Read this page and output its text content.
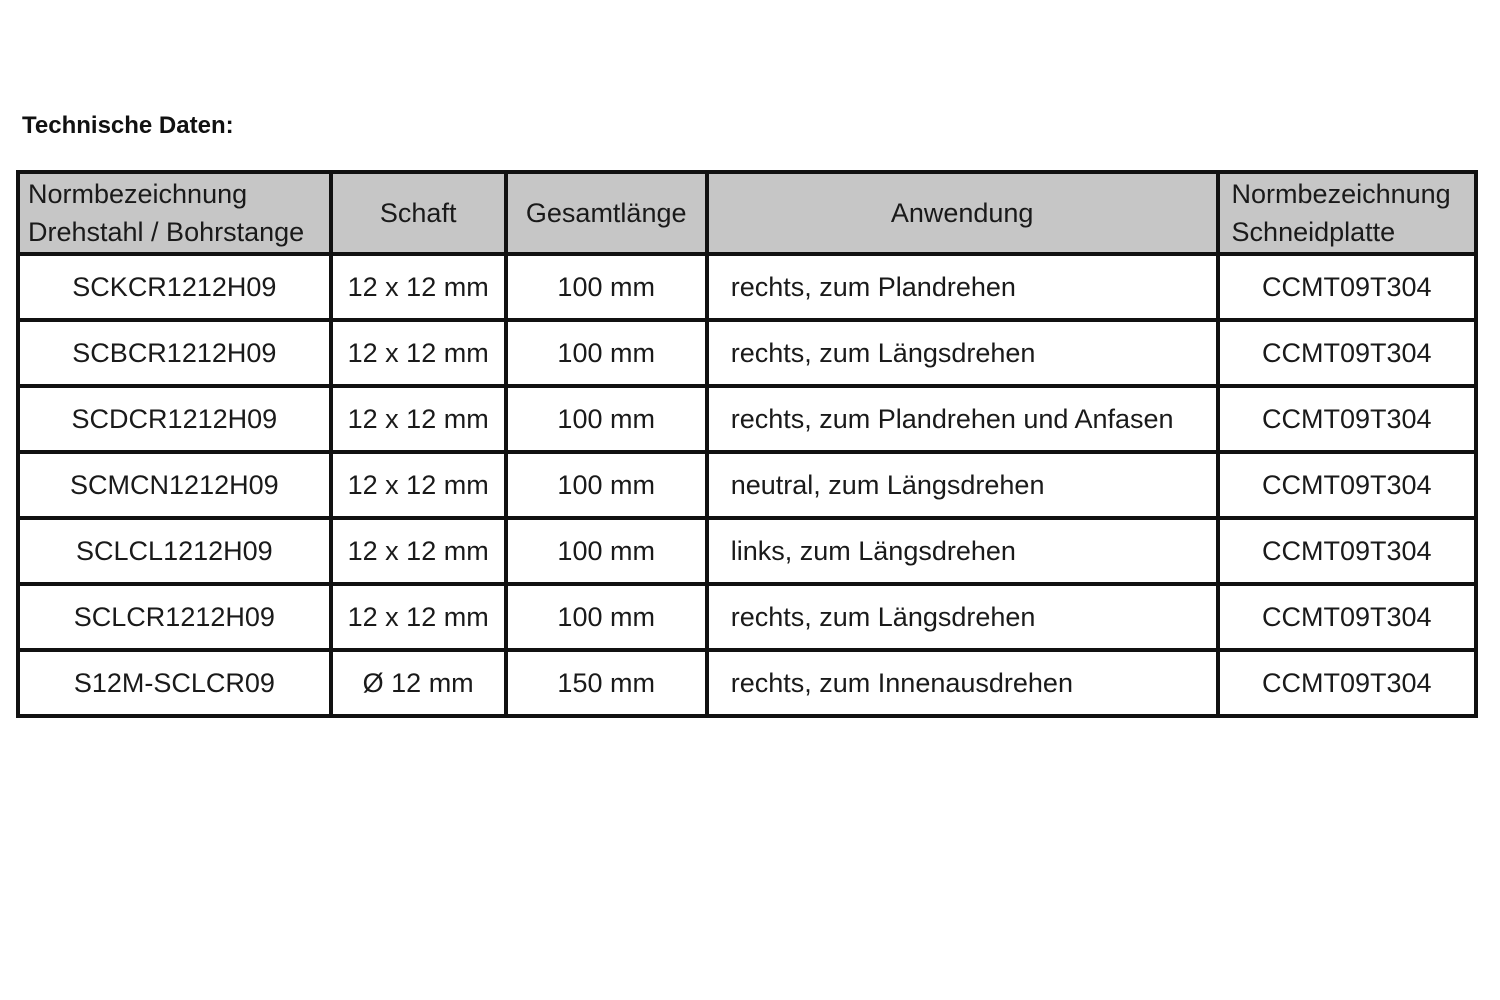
Technische Daten:
Normbezeichnung
Drehstahl / Bohrstange	Schaft	Gesamtlänge	Anwendung	Normbezeichnung
Schneidplatte

SCKCR1212H09	12 x 12 mm	100 mm	rechts, zum Plandrehen	CCMT09T304
SCBCR1212H09	12 x 12 mm	100 mm	rechts, zum Längsdrehen	CCMT09T304
SCDCR1212H09	12 x 12 mm	100 mm	rechts, zum Plandrehen und Anfasen	CCMT09T304
SCMCN1212H09	12 x 12 mm	100 mm	neutral, zum Längsdrehen	CCMT09T304
SCLCL1212H09	12 x 12 mm	100 mm	links, zum Längsdrehen	CCMT09T304
SCLCR1212H09	12 x 12 mm	100 mm	rechts, zum Längsdrehen	CCMT09T304
S12M-SCLCR09	Ø 12 mm	150 mm	rechts, zum Innenausdrehen	CCMT09T304
